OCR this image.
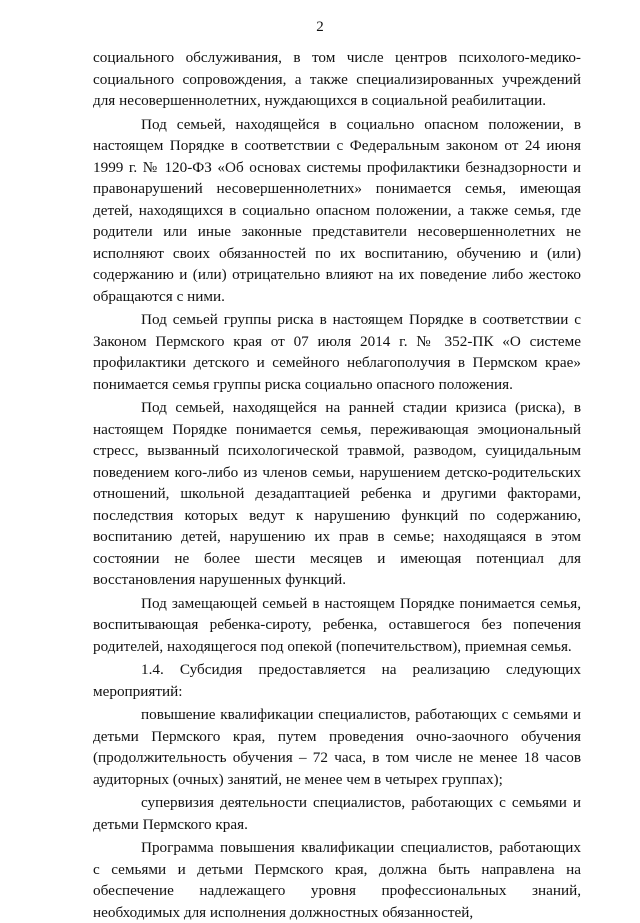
2

социального обслуживания, в том числе центров психолого-медико-социального сопровождения, а также специализированных учреждений для несовершеннолетних, нуждающихся в социальной реабилитации.

Под семьей, находящейся в социально опасном положении, в настоящем Порядке в соответствии с Федеральным законом от 24 июня 1999 г. № 120-ФЗ «Об основах системы профилактики безнадзорности и правонарушений несовершеннолетних» понимается семья, имеющая детей, находящихся в социально опасном положении, а также семья, где родители или иные законные представители несовершеннолетних не исполняют своих обязанностей по их воспитанию, обучению и (или) содержанию и (или) отрицательно влияют на их поведение либо жестоко обращаются с ними.

Под семьей группы риска в настоящем Порядке в соответствии с Законом Пермского края от 07 июля 2014 г. № 352-ПК «О системе профилактики детского и семейного неблагополучия в Пермском крае» понимается семья группы риска социально опасного положения.

Под семьей, находящейся на ранней стадии кризиса (риска), в настоящем Порядке понимается семья, переживающая эмоциональный стресс, вызванный психологической травмой, разводом, суицидальным поведением кого-либо из членов семьи, нарушением детско-родительских отношений, школьной дезадаптацией ребенка и другими факторами, последствия которых ведут к нарушению функций по содержанию, воспитанию детей, нарушению их прав в семье; находящаяся в этом состоянии не более шести месяцев и имеющая потенциал для восстановления нарушенных функций.

Под замещающей семьей в настоящем Порядке понимается семья, воспитывающая ребенка-сироту, ребенка, оставшегося без попечения родителей, находящегося под опекой (попечительством), приемная семья.

1.4. Субсидия предоставляется на реализацию следующих мероприятий:

повышение квалификации специалистов, работающих с семьями и детьми Пермского края, путем проведения очно-заочного обучения (продолжительность обучения – 72 часа, в том числе не менее 18 часов аудиторных (очных) занятий, не менее чем в четырех группах);

супервизия деятельности специалистов, работающих с семьями и детьми Пермского края.

Программа повышения квалификации специалистов, работающих с семьями и детьми Пермского края, должна быть направлена на обеспечение надлежащего уровня профессиональных знаний, необходимых для исполнения должностных обязанностей,
